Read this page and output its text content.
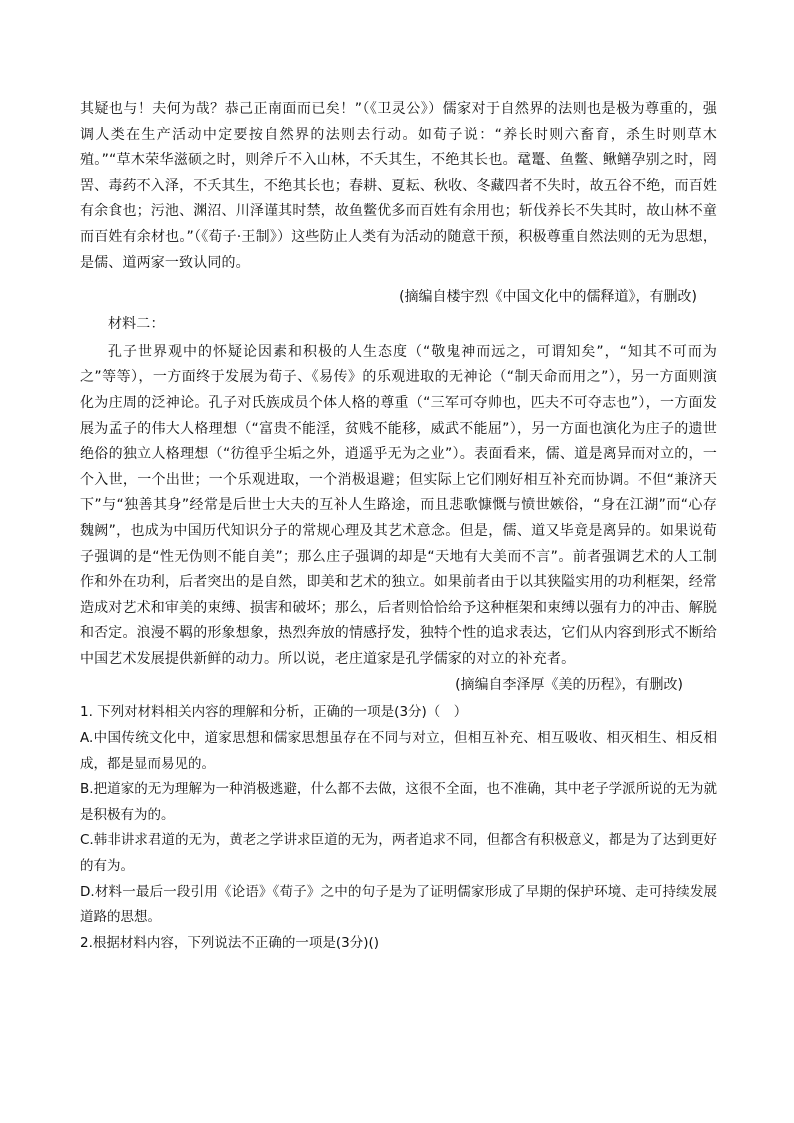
其疑也与！夫何为哉？恭己正南面而已矣！”（《卫灵公》）儒家对于自然界的法则也是极为尊重的，强调人类在生产活动中定要按自然界的法则去行动。如荀子说：“养长时则六畜育，杀生时则草木殖。”“草木荣华滋硕之时，则斧斤不入山林，不夭其生，不绝其长也。鼋鼍、鱼鳖、鳅鳝孕别之时，罔罟、毒药不入泽，不夭其生，不绝其长也；春耕、夏耘、秋收、冬藏四者不失时，故五谷不绝，而百姓有余食也；污池、渊沼、川泽谨其时禁，故鱼鳖优多而百姓有余用也；斩伐养长不失其时，故山林不童而百姓有余材也。”（《荀子·王制》）这些防止人类有为活动的随意干预，积极尊重自然法则的无为思想，是儒、道两家一致认同的。

(摘编自楼宇烈《中国文化中的儒释道》，有删改)

材料二：

孔子世界观中的怀疑论因素和积极的人生态度（“敬鬼神而远之，可谓知矣”，“知其不可而为之”等等），一方面终于发展为荀子、《易传》的乐观进取的无神论（“制天命而用之”），另一方面则演化为庄周的泛神论。孔子对氏族成员个体人格的尊重（“三军可夺帅也，匹夫不可夺志也”），一方面发展为孟子的伟大人格理想（“富贵不能淫，贫贱不能移，威武不能屈”），另一方面也演化为庄子的遗世绝俗的独立人格理想（“彷徨乎尘垢之外，逍遥乎无为之业”）。表面看来，儒、道是离异而对立的，一个入世，一个出世；一个乐观进取，一个消极退避；但实际上它们刚好相互补充而协调。不但“兼济天下”与“独善其身”经常是后世士大夫的互补人生路途，而且悲歌慷慨与愤世嫉俗，“身在江湖”而“心存魏阙”，也成为中国历代知识分子的常规心理及其艺术意念。但是，儒、道又毕竟是离异的。如果说荀子强调的是“性无伪则不能自美”；那么庄子强调的却是“天地有大美而不言”。前者强调艺术的人工制作和外在功利，后者突出的是自然，即美和艺术的独立。如果前者由于以其狭隘实用的功利框架，经常造成对艺术和审美的束缚、损害和破坏；那么，后者则恰恰给予这种框架和束缚以强有力的冲击、解脱和否定。浪漫不羁的形象想象，热烈奔放的情感抒发，独特个性的追求表达，它们从内容到形式不断给中国艺术发展提供新鲜的动力。所以说，老庄道家是孔学儒家的对立的补充者。

(摘编自李泽厚《美的历程》，有删改)

1. 下列对材料相关内容的理解和分析，正确的一项是(3分)（　）

A.中国传统文化中，道家思想和儒家思想虽存在不同与对立，但相互补充、相互吸收、相灭相生、相反相成，都是显而易见的。

B.把道家的无为理解为一种消极逃避，什么都不去做，这很不全面，也不准确，其中老子学派所说的无为就是积极有为的。

C.韩非讲求君道的无为，黄老之学讲求臣道的无为，两者追求不同，但都含有积极意义，都是为了达到更好的有为。

D.材料一最后一段引用《论语》《荀子》之中的句子是为了证明儒家形成了早期的保护环境、走可持续发展道路的思想。

2.根据材料内容，下列说法不正确的一项是(3分)()
